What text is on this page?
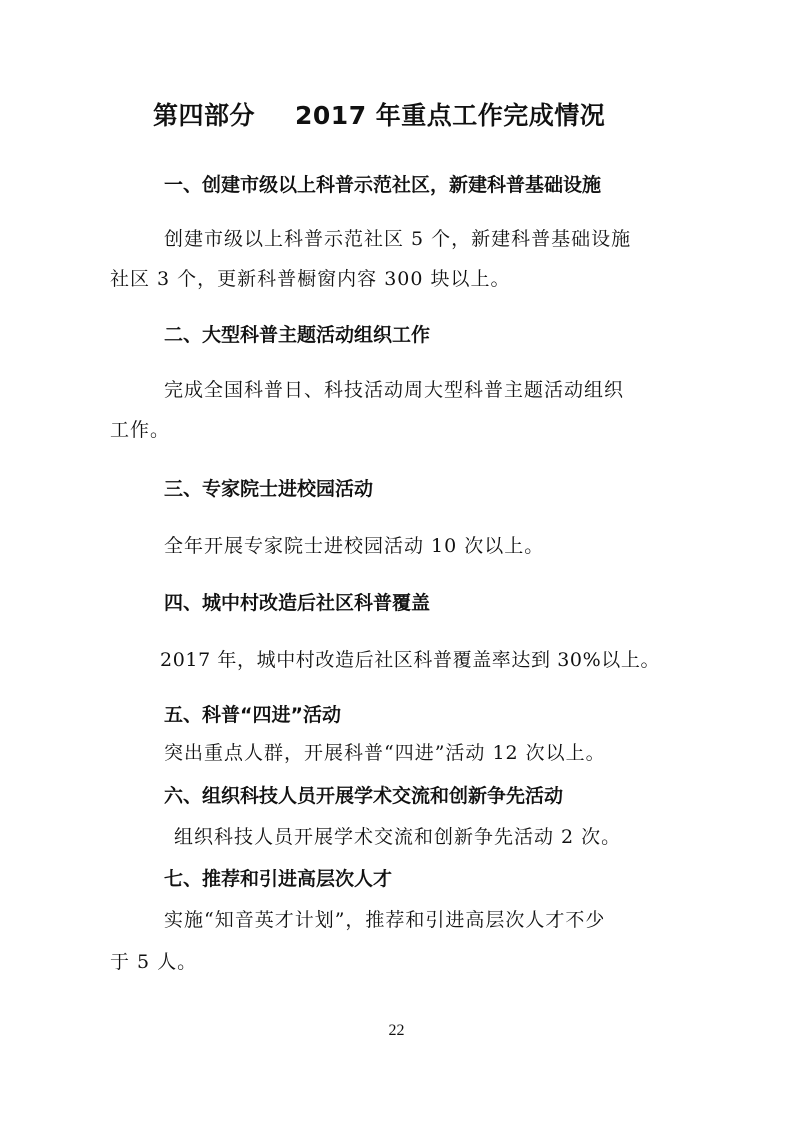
第四部分 2017 年重点工作完成情况
一、创建市级以上科普示范社区，新建科普基础设施
创建市级以上科普示范社区 5 个，新建科普基础设施
社区 3 个，更新科普橱窗内容 300 块以上。
二、大型科普主题活动组织工作
完成全国科普日、科技活动周大型科普主题活动组织
工作。
三、专家院士进校园活动
全年开展专家院士进校园活动 10 次以上。
四、城中村改造后社区科普覆盖
2017 年，城中村改造后社区科普覆盖率达到 30%以上。
五、科普“四进”活动
突出重点人群，开展科普“四进”活动 12 次以上。
六、组织科技人员开展学术交流和创新争先活动
组织科技人员开展学术交流和创新争先活动 2 次。
七、推荐和引进高层次人才
实施“知音英才计划”，推荐和引进高层次人才不少
于 5 人。
22
